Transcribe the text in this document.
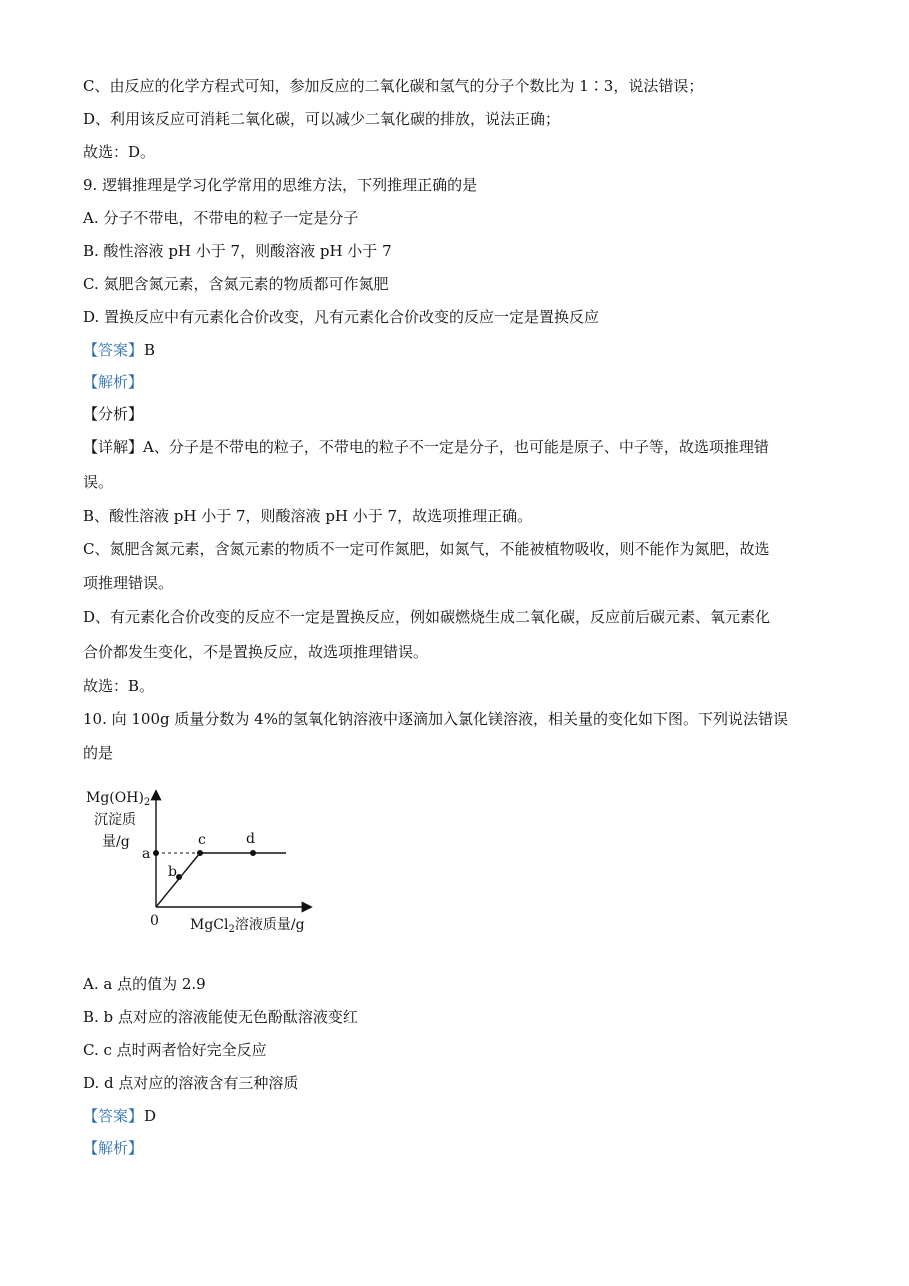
C、由反应的化学方程式可知，参加反应的二氧化碳和氢气的分子个数比为 1∶3，说法错误；
D、利用该反应可消耗二氧化碳，可以减少二氧化碳的排放，说法正确；
故选：D。
9. 逻辑推理是学习化学常用的思维方法，下列推理正确的是
A. 分子不带电，不带电的粒子一定是分子
B. 酸性溶液 pH 小于 7，则酸溶液 pH 小于 7
C. 氮肥含氮元素，含氮元素的物质都可作氮肥
D. 置换反应中有元素化合价改变，凡有元素化合价改变的反应一定是置换反应
【答案】B
【解析】
【分析】
【详解】A、分子是不带电的粒子，不带电的粒子不一定是分子，也可能是原子、中子等，故选项推理错
误。
B、酸性溶液 pH 小于 7，则酸溶液 pH 小于 7，故选项推理正确。
C、氮肥含氮元素，含氮元素的物质不一定可作氮肥，如氮气，不能被植物吸收，则不能作为氮肥，故选
项推理错误。
D、有元素化合价改变的反应不一定是置换反应，例如碳燃烧生成二氧化碳，反应前后碳元素、氧元素化
合价都发生变化，不是置换反应，故选项推理错误。
故选：B。
10. 向 100g 质量分数为 4%的氢氧化钠溶液中逐滴加入氯化镁溶液，相关量的变化如下图。下列说法错误
的是
$Mg(OH)_2$
沉淀质
量/g
a
b
c	d
0 MgCl$_2$溶液质量/g
A. a 点的值为 2.9
B. b 点对应的溶液能使无色酚酞溶液变红
C. c 点时两者恰好完全反应
D. d 点对应的溶液含有三种溶质
【答案】D
【解析】
